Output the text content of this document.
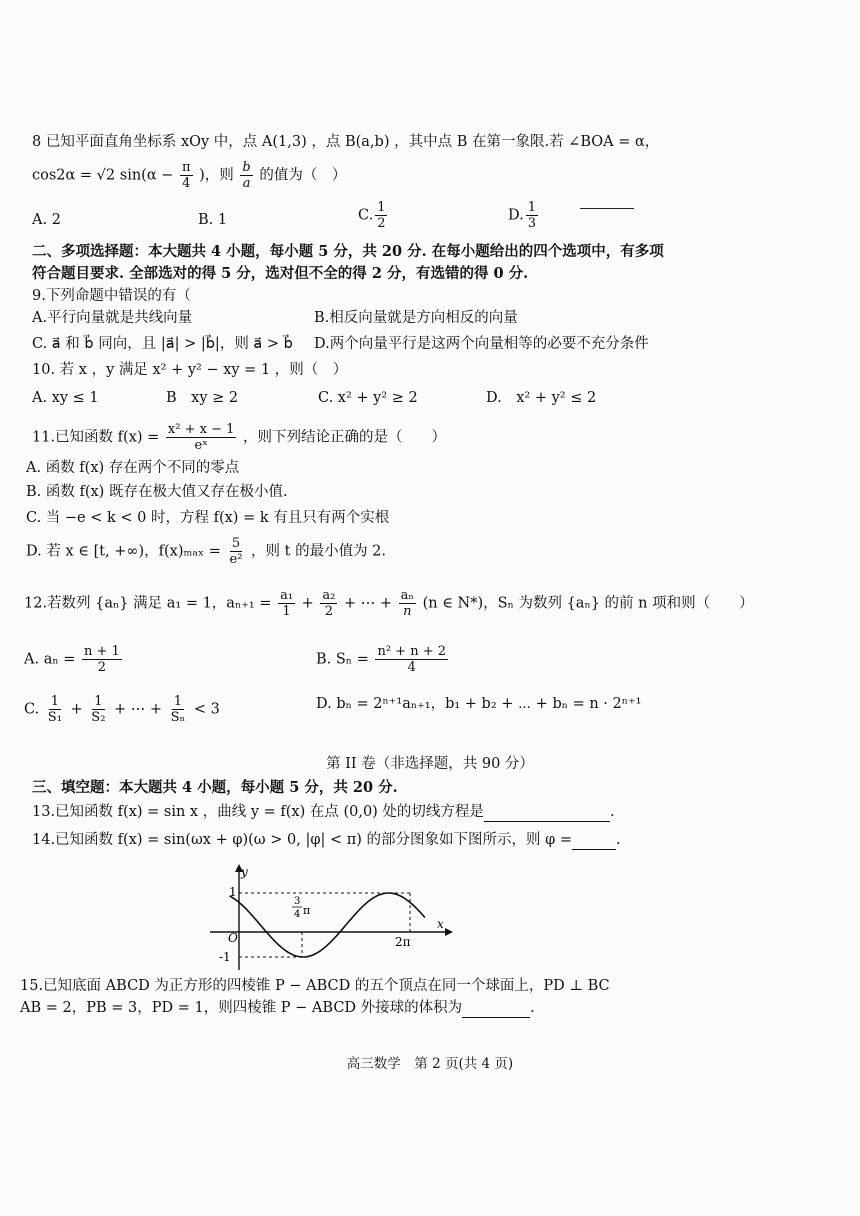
8 已知平面直角坐标系 xOy 中，点 A(1,3) ，点 B(a,b) ，其中点 B 在第一象限.若 ∠BOA = α，
cos2α = √2 $\sin(\alpha - \frac{\pi}{4}$ )，则 $\frac{b}{a}$ 的值为（　）
A. 2	B. 1	C. $\frac{1}{2}$	D. $\frac{1}{3}$
二、多项选择题：本大题共 4 小题，每小题 5 分，共 20 分. 在每小题给出的四个选项中，有多项
符合题目要求. 全部选对的得 5 分，选对但不全的得 2 分，有选错的得 0 分.
9.下列命题中错误的有（
A.平行向量就是共线向量	B.相反向量就是方向相反的向量
C. a⃗ 和 b⃗ 同向，且 |a⃗| > |b⃗|，则 a⃗ > b⃗ D.两个向量平行是这两个向量相等的必要不充分条件
10. 若 x ，y 满足 x² + y² − xy = 1 ，则（　）
A. xy ≤ 1	B　xy ≥ 2	C. x² + y² ≥ 2	D.　x² + y² ≤ 2
11.已知函数 $f(x) = \frac{\text{x² + x − 1}}{\text{eˣ}}$ ，则下列结论正确的是（　　）
A. 函数 f(x) 存在两个不同的零点
B. 函数 f(x) 既存在极大值又存在极小值.
C. 当 −e < k < 0 时，方程 f(x) = k 有且只有两个实根
D. 若 x ∈ [t, +∞)，$f(x)_{max} = \frac{5}{\text{e²}}$ ，则 t 的最小值为 2.
12.若数列 {aₙ} 满足 a₁ = 1，$a_{n+1} = \frac{\text{a₁}}{1} + \frac{\text{a₂}}{2}$ + ⋯ + $\frac{\text{aₙ}}{n} (n$ ∈ N*)，Sₙ 为数列 {aₙ} 的前 n 项和则（　　）
A. $a_n = \frac{n + 1}{2}$	B. $S_n = \frac{\text{n² + n + 2}}{4}$
C. $\frac{1}{\text{S₁}} + \frac{1}{\text{S₂}}$ + ⋯ + $\frac{1}{\text{Sₙ}} < 3$	D. bₙ = 2ⁿ⁺¹aₙ₊₁，b₁ + b₂ + ⋯ + bₙ = n · 2ⁿ⁺¹
第 II 卷（非选择题，共 90 分）
三、填空题：本大题共 4 小题，每小题 5 分，共 20 分.
13.已知函数 f(x) = sin x ，曲线 y = f(x) 在点 (0,0) 处的切线方程是	.
14.已知函数 f(x) = sin(ωx + φ)(ω > 0, |φ| < π) 的部分图象如下图所示，则 φ =	.
y
x
O
1
-1
3
4 π
2π
15.已知底面 ABCD 为正方形的四棱锥 P − ABCD 的五个顶点在同一个球面上，PD ⊥ BC
AB = 2，PB = 3，PD = 1，则四棱锥 P − ABCD 外接球的体积为	.
高三数学　第 2 页(共 4 页)
